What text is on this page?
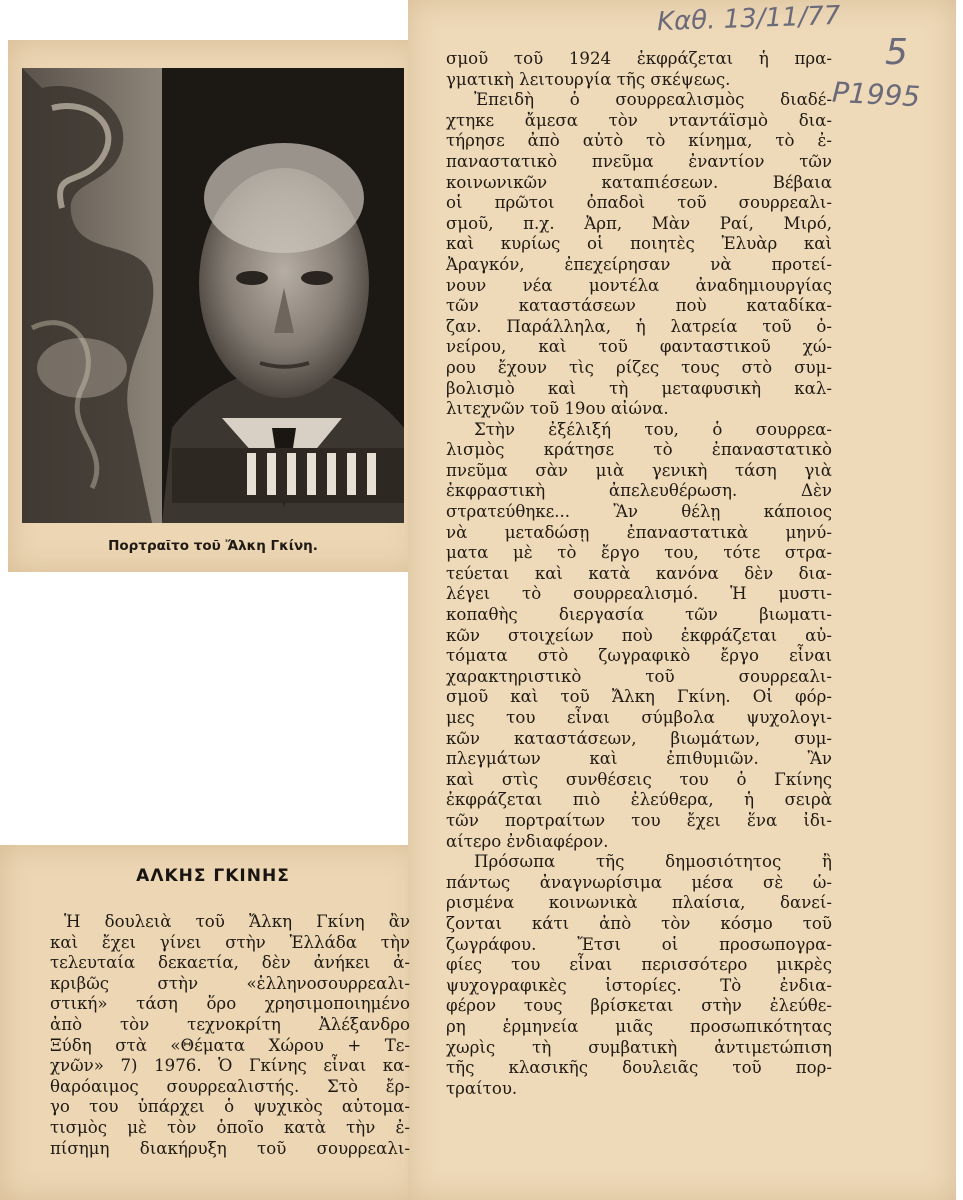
Πορτραῖτο τοῦ Ἄλκη Γκίνη.
Καθ. 13/11/77
5
P1995
ΑΛΚΗΣ ΓΚΙΝΗΣ
Ἡ δουλειὰ τοῦ Ἄλκη Γκίνη ἂν
καὶ ἔχει γίνει στὴν Ἑλλάδα τὴν
τελευταία δεκαετία, δὲν ἀνήκει ἀ-
κριβῶς στὴν «ἑλληνοσουρρεαλι-
στική» τάση ὅρο χρησιμοποιημένο
ἀπὸ τὸν τεχνοκρίτη Ἀλέξανδρο
Ξύδη στὰ «Θέματα Χώρου + Τε-
χνῶν» 7) 1976. Ὁ Γκίνης εἶναι κα-
θαρόαιμος σουρρεαλιστής. Στὸ ἔρ-
γο του ὑπάρχει ὁ ψυχικὸς αὐτομα-
τισμὸς μὲ τὸν ὁποῖο κατὰ τὴν ἐ-
πίσημη διακήρυξη τοῦ σουρρεαλι-
σμοῦ τοῦ 1924 ἐκφράζεται ἡ πρα-
γματικὴ λειτουργία τῆς σκέψεως.
Ἐπειδὴ ὁ σουρρεαλισμὸς διαδέ-
χτηκε ἄμεσα τὸν νταντάϊσμὸ δια-
τήρησε ἀπὸ αὐτὸ τὸ κίνημα, τὸ ἐ-
παναστατικὸ πνεῦμα ἐναντίον τῶν
κοινωνικῶν καταπιέσεων. Βέβαια
οἱ πρῶτοι ὀπαδοὶ τοῦ σουρρεαλι-
σμοῦ, π.χ. Ἀρπ, Μὰν Ραί, Μιρό,
καὶ κυρίως οἱ ποιητὲς Ἐλυὰρ καὶ
Ἀραγκόν, ἐπεχείρησαν νὰ προτεί-
νουν νέα μοντέλα ἀναδημιουργίας
τῶν καταστάσεων ποὺ καταδίκα-
ζαν. Παράλληλα, ἡ λατρεία τοῦ ὀ-
νείρου, καὶ τοῦ φανταστικοῦ χώ-
ρου ἔχουν τὶς ρίζες τους στὸ συμ-
βολισμὸ καὶ τὴ μεταφυσικὴ καλ-
λιτεχνῶν τοῦ 19ου αἰώνα.
Στὴν ἐξέλιξή του, ὁ σουρρεα-
λισμὸς κράτησε τὸ ἐπαναστατικὸ
πνεῦμα σὰν μιὰ γενικὴ τάση γιὰ
ἐκφραστικὴ ἀπελευθέρωση. Δὲν
στρατεύθηκε... Ἂν θέλῃ κάποιος
νὰ μεταδώσῃ ἐπαναστατικὰ μηνύ-
ματα μὲ τὸ ἔργο του, τότε στρα-
τεύεται καὶ κατὰ κανόνα δὲν δια-
λέγει τὸ σουρρεαλισμό. Ἡ μυστι-
κοπαθὴς διεργασία τῶν βιωματι-
κῶν στοιχείων ποὺ ἐκφράζεται αὐ-
τόματα στὸ ζωγραφικὸ ἔργο εἶναι
χαρακτηριστικὸ τοῦ σουρρεαλι-
σμοῦ καὶ τοῦ Ἄλκη Γκίνη. Οἱ φόρ-
μες του εἶναι σύμβολα ψυχολογι-
κῶν καταστάσεων, βιωμάτων, συμ-
πλεγμάτων καὶ ἐπιθυμιῶν. Ἂν
καὶ στὶς συνθέσεις του ὁ Γκίνης
ἐκφράζεται πιὸ ἐλεύθερα, ἡ σειρὰ
τῶν πορτραίτων του ἔχει ἕνα ἰδι-
αίτερο ἐνδιαφέρον.
Πρόσωπα τῆς δημοσιότητος ἢ
πάντως ἀναγνωρίσιμα μέσα σὲ ὡ-
ρισμένα κοινωνικὰ πλαίσια, δανεί-
ζονται κάτι ἀπὸ τὸν κόσμο τοῦ
ζωγράφου. Ἔτσι οἱ προσωπογρα-
φίες του εἶναι περισσότερο μικρὲς
ψυχογραφικὲς ἱστορίες. Τὸ ἐνδια-
φέρον τους βρίσκεται στὴν ἐλεύθε-
ρη ἑρμηνεία μιᾶς προσωπικότητας
χωρὶς τὴ συμβατικὴ ἀντιμετώπιση
τῆς κλασικῆς δουλειᾶς τοῦ πορ-
τραίτου.
